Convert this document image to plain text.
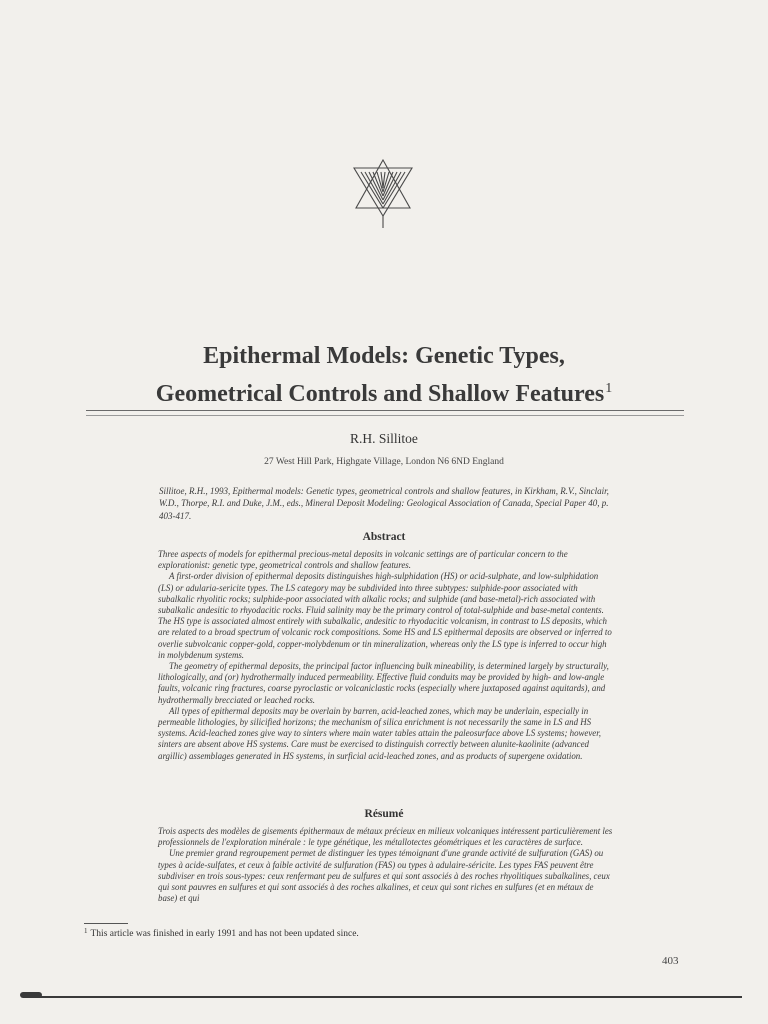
Epithermal Models: Genetic Types,
Geometrical Controls and Shallow Features$^1$
R.H. Sillitoe
27 West Hill Park, Highgate Village, London N6 6ND England
Sillitoe, R.H., 1993, Epithermal models: Genetic types, geometrical controls and shallow features, in Kirkham, R.V., Sinclair, W.D., Thorpe, R.I. and Duke, J.M., eds., Mineral Deposit Modeling: Geological Association of Canada, Special Paper 40, p. 403-417.
Abstract

Three aspects of models for epithermal precious-metal deposits in volcanic settings are of particular concern to the explorationist: genetic type, geometrical controls and shallow features.

A first-order division of epithermal deposits distinguishes high-sulphidation (HS) or acid-sulphate, and low-sulphidation (LS) or adularia-sericite types. The LS category may be subdivided into three subtypes: sulphide-poor associated with subalkalic rhyolitic rocks; sulphide-poor associated with alkalic rocks; and sulphide (and base-metal)-rich associated with subalkalic andesitic to rhyodacitic rocks. Fluid salinity may be the primary control of total-sulphide and base-metal contents. The HS type is associated almost entirely with subalkalic, andesitic to rhyodacitic volcanism, in contrast to LS deposits, which are related to a broad spectrum of volcanic rock compositions. Some HS and LS epithermal deposits are observed or inferred to overlie subvolcanic copper-gold, copper-molybdenum or tin mineralization, whereas only the LS type is inferred to occur high in molybdenum systems.

The geometry of epithermal deposits, the principal factor influencing bulk mineability, is determined largely by structurally, lithologically, and (or) hydrothermally induced permeability. Effective fluid conduits may be provided by high- and low-angle faults, volcanic ring fractures, coarse pyroclastic or volcaniclastic rocks (especially where juxtaposed against aquitards), and hydrothermally brecciated or leached rocks.

All types of epithermal deposits may be overlain by barren, acid-leached zones, which may be underlain, especially in permeable lithologies, by silicified horizons; the mechanism of silica enrichment is not necessarily the same in LS and HS systems. Acid-leached zones give way to sinters where main water tables attain the paleosurface above LS systems; however, sinters are absent above HS systems. Care must be exercised to distinguish correctly between alunite-kaolinite (advanced argillic) assemblages generated in HS systems, in surficial acid-leached zones, and as products of supergene oxidation.

Résumé

Trois aspects des modèles de gisements épithermaux de métaux précieux en milieux volcaniques intéressent particulièrement les professionnels de l'exploration minérale : le type génétique, les métallotectes géométriques et les caractères de surface.

Une premier grand regroupement permet de distinguer les types témoignant d'une grande activité de sulfuration (GAS) ou types à acide-sulfates, et ceux à faible activité de sulfuration (FAS) ou types à adulaire-séricite. Les types FAS peuvent être subdiviser en trois sous-types: ceux renfermant peu de sulfures et qui sont associés à des roches rhyolitiques subalkalines, ceux qui sont pauvres en sulfures et qui sont associés à des roches alkalines, et ceux qui sont riches en sulfures (et en métaux de base) et qui

$^1$ This article was finished in early 1991 and has not been updated since.
403
